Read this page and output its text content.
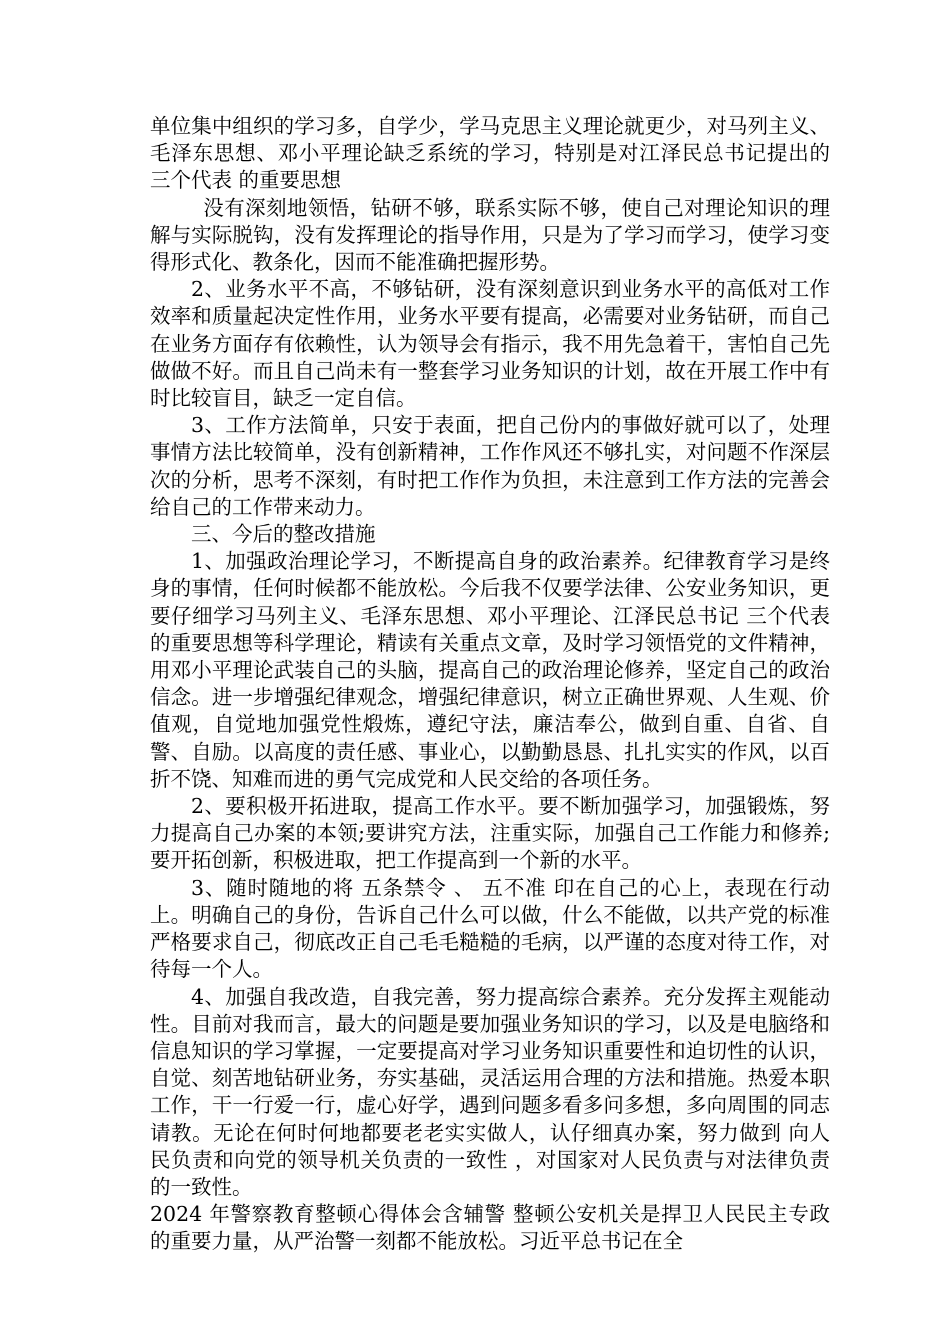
单位集中组织的学习多，自学少，学马克思主义理论就更少，对马列主义、毛泽东思想、邓小平理论缺乏系统的学习，特别是对江泽民总书记提出的 三个代表 的重要思想

没有深刻地领悟，钻研不够，联系实际不够，使自己对理论知识的理解与实际脱钩，没有发挥理论的指导作用，只是为了学习而学习，使学习变得形式化、教条化，因而不能准确把握形势。

2、业务水平不高，不够钻研，没有深刻意识到业务水平的高低对工作效率和质量起决定性作用，业务水平要有提高，必需要对业务钻研，而自己在业务方面存有依赖性，认为领导会有指示，我不用先急着干，害怕自己先做做不好。而且自己尚未有一整套学习业务知识的计划，故在开展工作中有时比较盲目，缺乏一定自信。

3、工作方法简单，只安于表面，把自己份内的事做好就可以了，处理事情方法比较简单，没有创新精神，工作作风还不够扎实，对问题不作深层次的分析，思考不深刻，有时把工作作为负担，未注意到工作方法的完善会给自己的工作带来动力。

三、今后的整改措施

1、加强政治理论学习，不断提高自身的政治素养。纪律教育学习是终身的事情，任何时候都不能放松。今后我不仅要学法律、公安业务知识，更要仔细学习马列主义、毛泽东思想、邓小平理论、江泽民总书记 三个代表 的重要思想等科学理论，精读有关重点文章，及时学习领悟党的文件精神，用邓小平理论武装自己的头脑，提高自己的政治理论修养，坚定自己的政治信念。进一步增强纪律观念，增强纪律意识，树立正确世界观、人生观、价值观，自觉地加强党性煅炼，遵纪守法，廉洁奉公，做到自重、自省、自警、自励。以高度的责任感、事业心，以勤勤恳恳、扎扎实实的作风，以百折不饶、知难而进的勇气完成党和人民交给的各项任务。

2、要积极开拓进取，提高工作水平。要不断加强学习，加强锻炼，努力提高自己办案的本领;要讲究方法，注重实际，加强自己工作能力和修养;要开拓创新，积极进取，把工作提高到一个新的水平。

3、随时随地的将 五条禁令 、 五不准 印在自己的心上，表现在行动上。明确自己的身份，告诉自己什么可以做，什么不能做，以共产党的标准严格要求自己，彻底改正自己毛毛糙糙的毛病，以严谨的态度对待工作，对待每一个人。

4、加强自我改造，自我完善，努力提高综合素养。充分发挥主观能动性。目前对我而言，最大的问题是要加强业务知识的学习，以及是电脑络和信息知识的学习掌握，一定要提高对学习业务知识重要性和迫切性的认识，自觉、刻苦地钻研业务，夯实基础，灵活运用合理的方法和措施。热爱本职工作，干一行爱一行，虚心好学，遇到问题多看多问多想，多向周围的同志请教。无论在何时何地都要老老实实做人，认仔细真办案，努力做到 向人民负责和向党的领导机关负责的一致性 ，对国家对人民负责与对法律负责的一致性。

2024 年警察教育整顿心得体会含辅警 整顿公安机关是捍卫人民民主专政的重要力量，从严治警一刻都不能放松。习近平总书记在全
